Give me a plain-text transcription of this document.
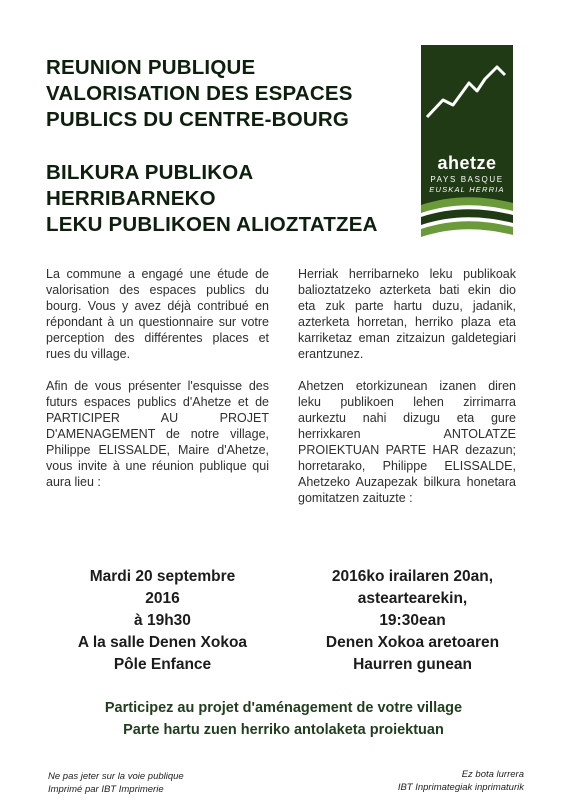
REUNION PUBLIQUE
VALORISATION DES ESPACES
PUBLICS DU CENTRE-BOURG
BILKURA PUBLIKOA
HERRIBARNEKO
LEKU PUBLIKOEN ALIOZTATZEA
ahetze
PAYS BASQUE
EUSKAL HERRIA

La commune a engagé une étude de valorisation des espaces publics du bourg. Vous y avez déjà contribué en répondant à un questionnaire sur votre perception des différentes places et rues du village.

Afin de vous présenter l'esquisse des futurs espaces publics d'Ahetze et de PARTICIPER AU PROJET D'AMENAGEMENT de notre village, Philippe ELISSALDE, Maire d'Ahetze, vous invite à une réunion publique qui aura lieu :

Herriak herribarneko leku publikoak balioztatzeko azterketa bati ekin dio eta zuk parte hartu duzu, jadanik, azterketa horretan, herriko plaza eta karriketaz eman zitzaizun galdetegiari erantzunez.

Ahetzen etorkizunean izanen diren leku publikoen lehen zirrimarra aurkeztu nahi dizugu eta gure herrixkaren ANTOLATZE PROIEKTUAN PARTE HAR dezazun; horretarako, Philippe ELISSALDE, Ahetzeko Auzapezak bilkura honetara gomitatzen zaituzte :

Mardi 20 septembre
2016
à 19h30
A la salle Denen Xokoa
Pôle Enfance
2016ko irailaren 20an,
asteartearekin,
19:30ean
Denen Xokoa aretoaren
Haurren gunean
Participez au projet d'aménagement de votre village
Parte hartu zuen herriko antolaketa proiektuan
Ne pas jeter sur la voie publique
Imprimé par IBT Imprimerie
Ez bota lurrera
IBT Inprimategiak inprimaturik
